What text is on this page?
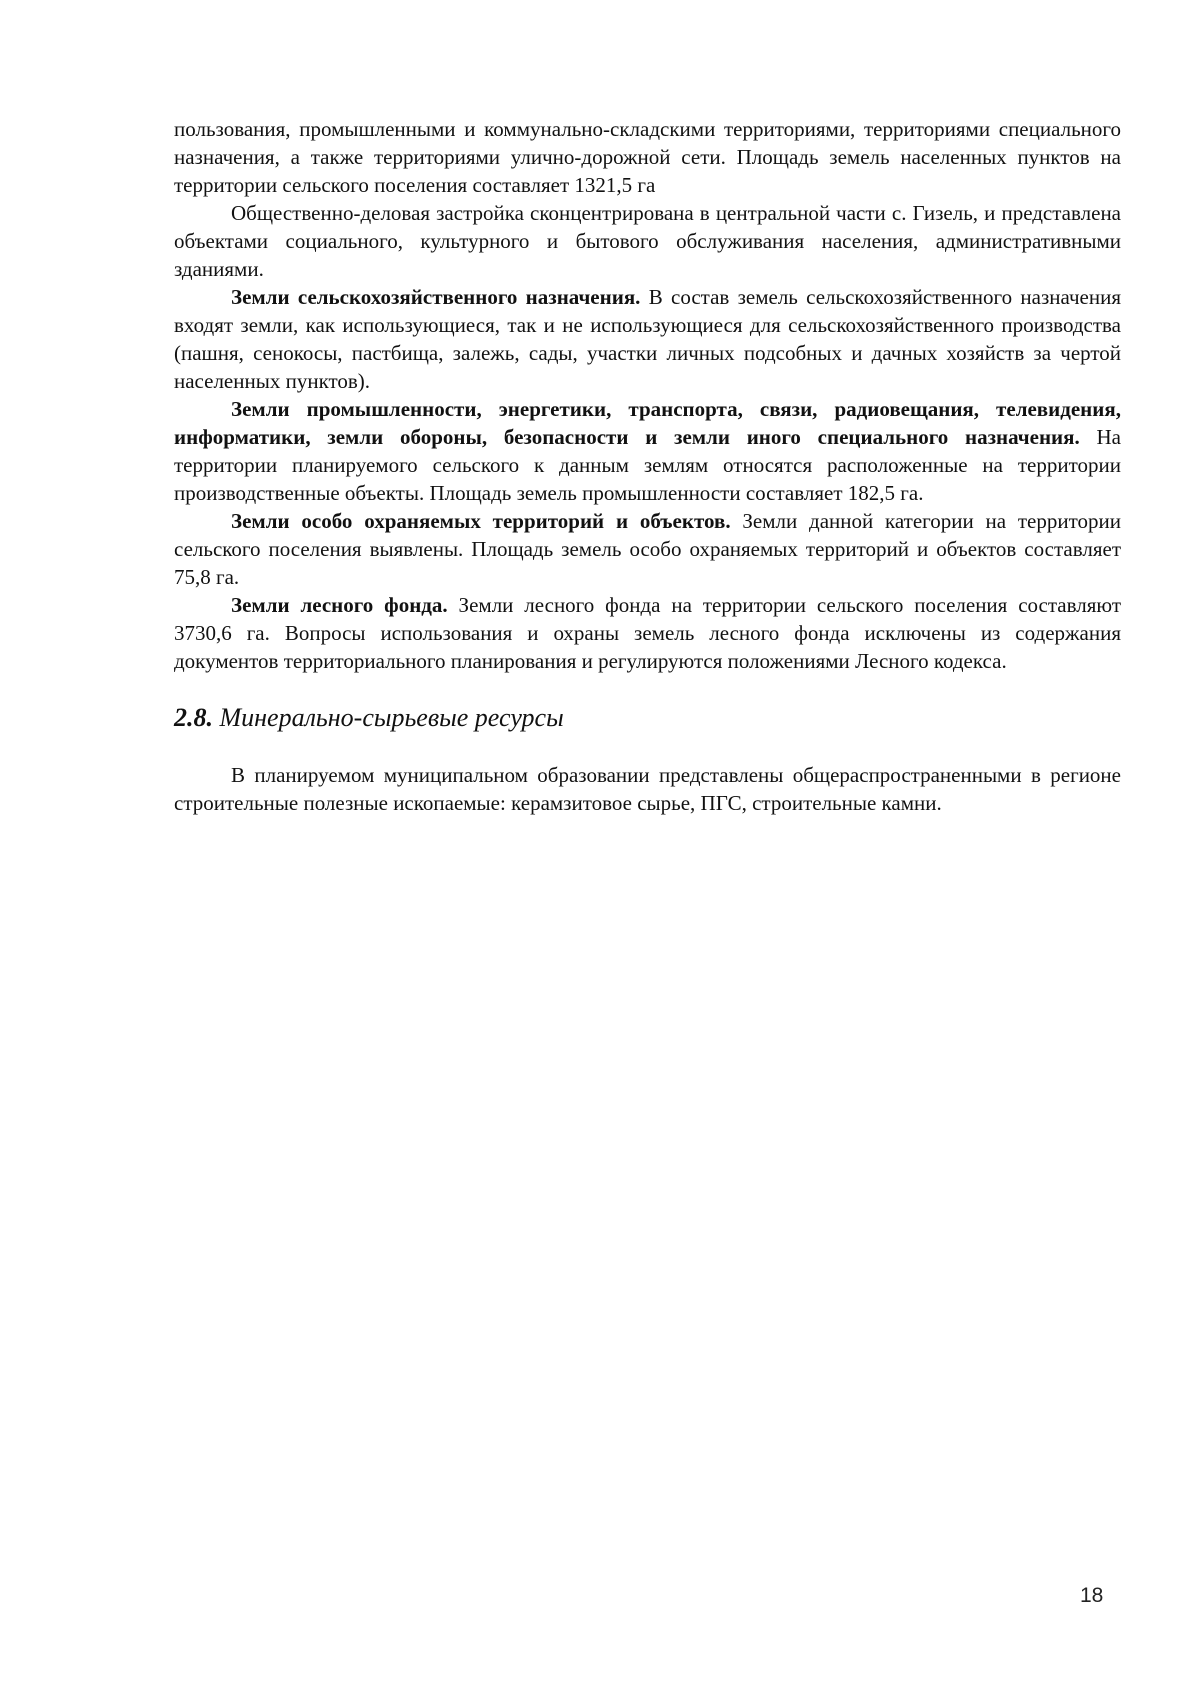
пользования, промышленными и коммунально-складскими территориями, территориями специального назначения, а также территориями улично-дорожной сети. Площадь земель населенных пунктов на территории сельского поселения составляет 1321,5 га

Общественно-деловая застройка сконцентрирована в центральной части с. Гизель, и представлена объектами социального, культурного и бытового обслуживания населения, административными зданиями.

Земли сельскохозяйственного назначения. В состав земель сельскохозяйственного назначения входят земли, как использующиеся, так и не использующиеся для сельскохозяйственного производства (пашня, сенокосы, пастбища, залежь, сады, участки личных подсобных и дачных хозяйств за чертой населенных пунктов).

Земли промышленности, энергетики, транспорта, связи, радиовещания, телевидения, информатики, земли обороны, безопасности и земли иного специального назначения. На территории планируемого сельского к данным землям относятся расположенные на территории производственные объекты. Площадь земель промышленности составляет 182,5 га.

Земли особо охраняемых территорий и объектов. Земли данной категории на территории сельского поселения выявлены. Площадь земель особо охраняемых территорий и объектов составляет 75,8 га.

Земли лесного фонда. Земли лесного фонда на территории сельского поселения составляют 3730,6 га. Вопросы использования и охраны земель лесного фонда исключены из содержания документов территориального планирования и регулируются положениями Лесного кодекса.

2.8. Минерально-сырьевые ресурсы

В планируемом муниципальном образовании представлены общераспространенными в регионе строительные полезные ископаемые: керамзитовое сырье, ПГС, строительные камни.

18
